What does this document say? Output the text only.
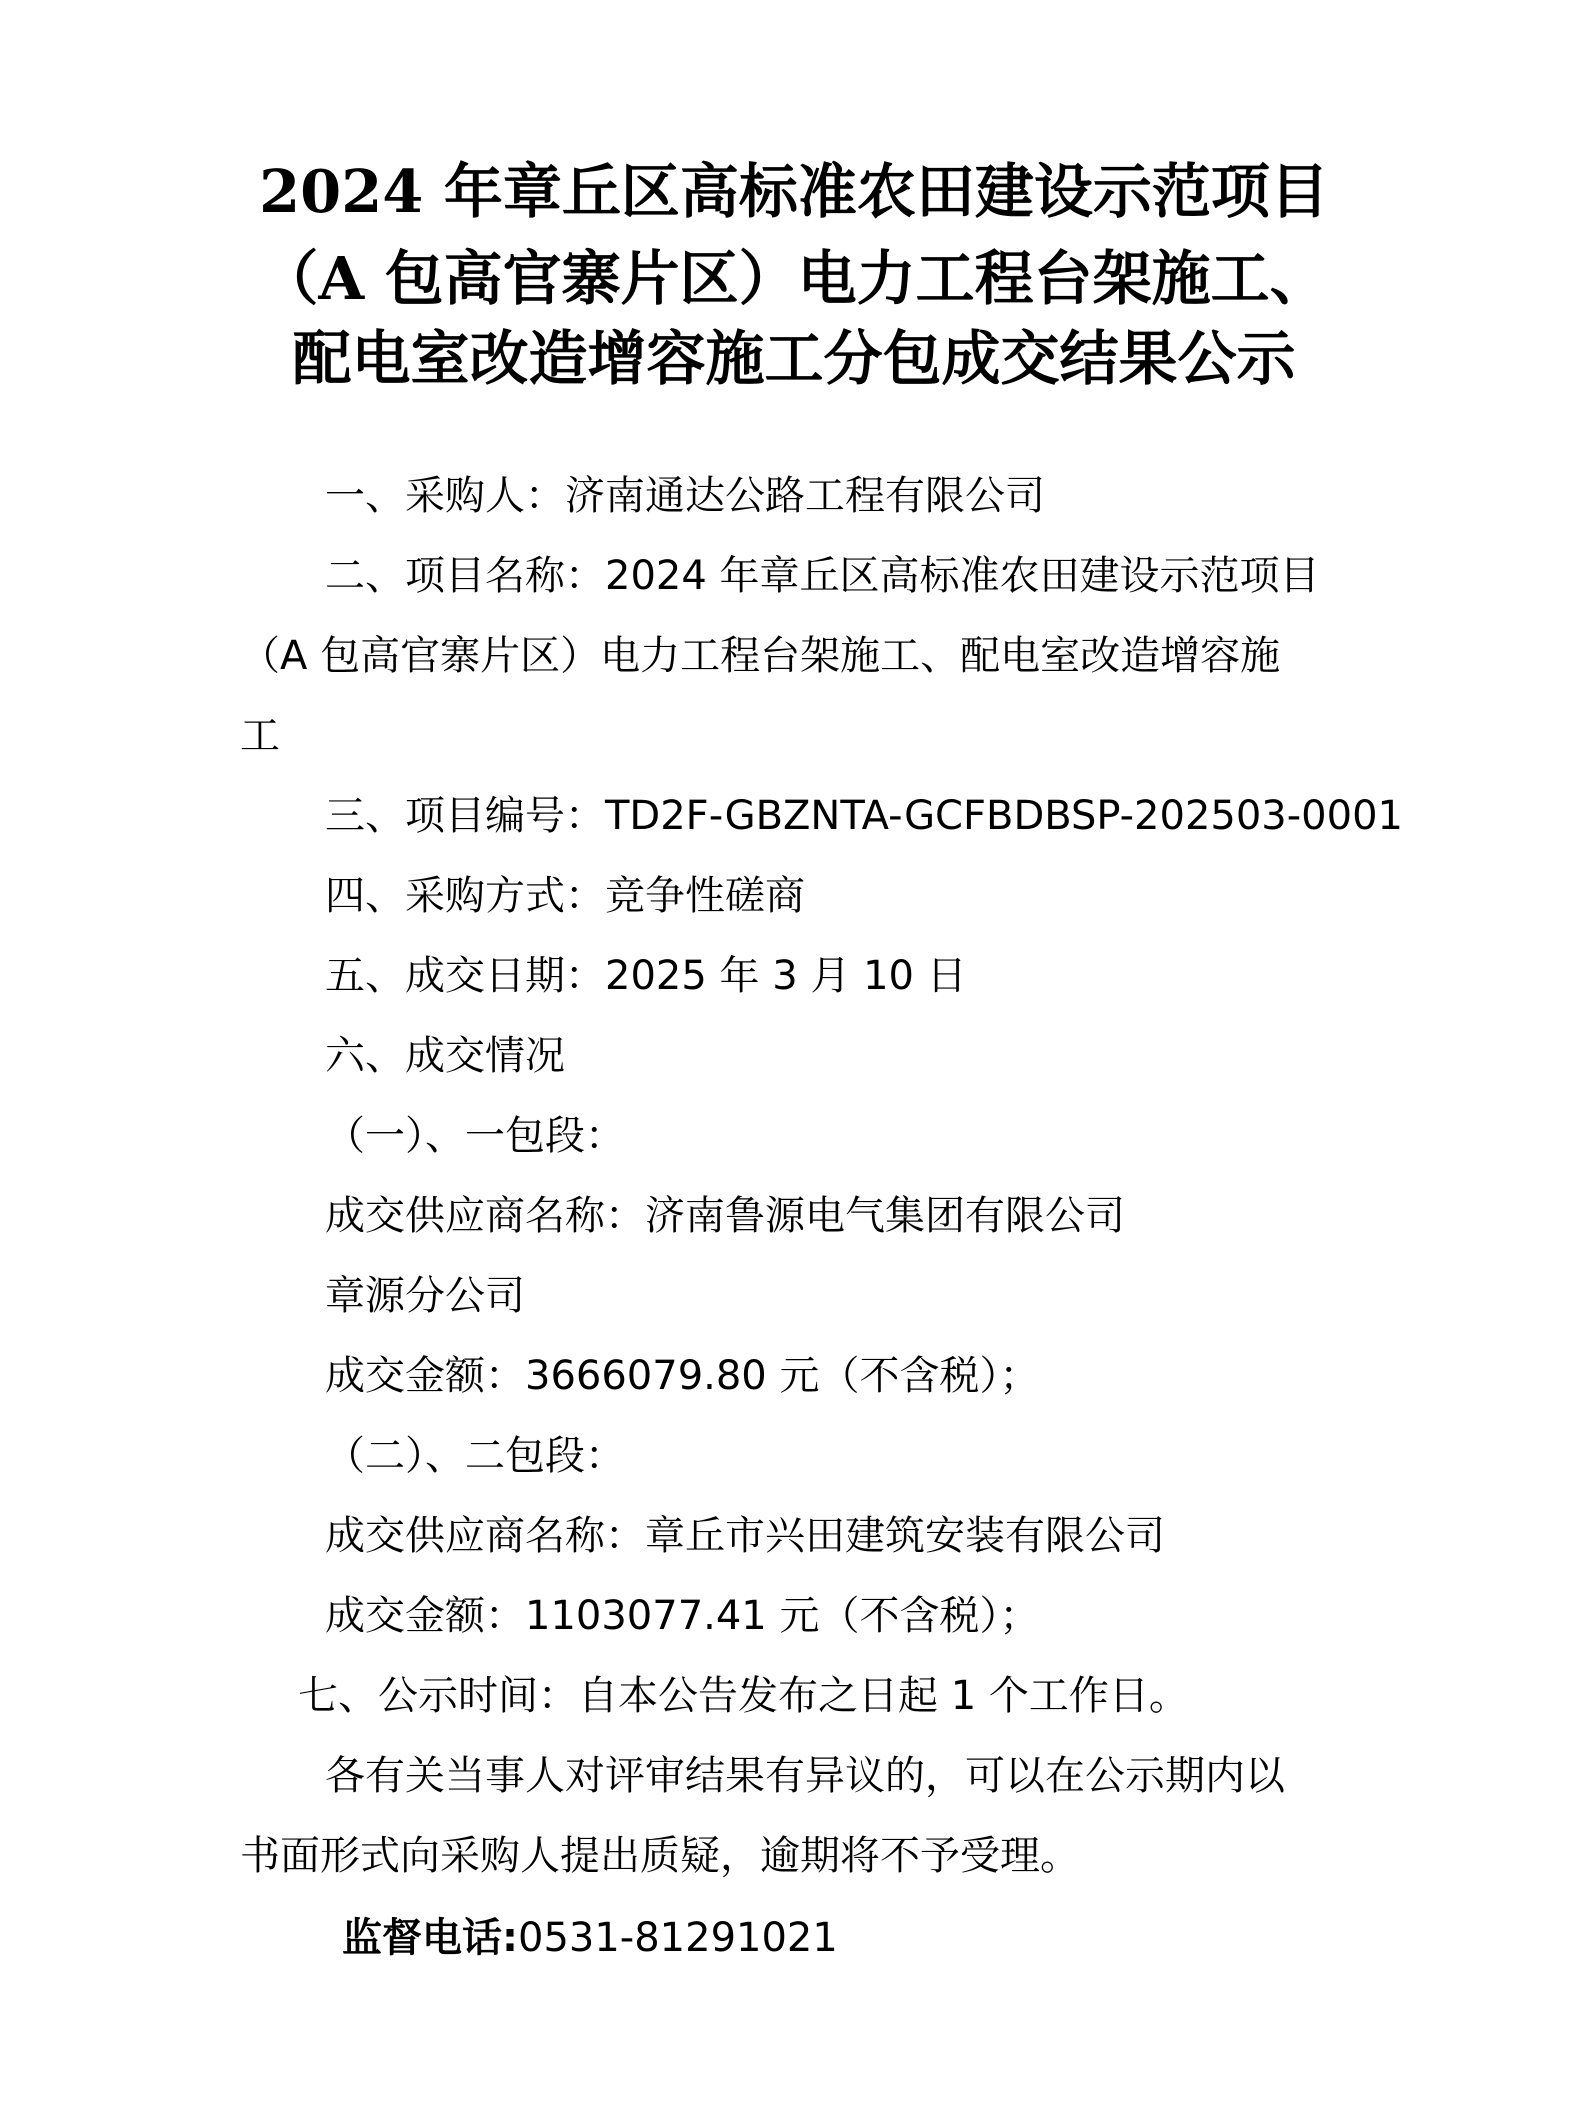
2024 年章丘区高标准农田建设示范项目
（A 包高官寨片区）电力工程台架施工、
配电室改造增容施工分包成交结果公示
一、采购人：济南通达公路工程有限公司
二、项目名称：2024 年章丘区高标准农田建设示范项目
（A 包高官寨片区）电力工程台架施工、配电室改造增容施
工
三、项目编号：TD2F-GBZNTA-GCFBDBSP-202503-0001
四、采购方式：竞争性磋商
五、成交日期：2025 年 3 月 10 日
六、成交情况
（一）、一包段：
成交供应商名称：济南鲁源电气集团有限公司
章源分公司
成交金额：3666079.80 元（不含税）；
（二）、二包段：
成交供应商名称：章丘市兴田建筑安装有限公司
成交金额：1103077.41 元（不含税）；
七、公示时间：自本公告发布之日起 1 个工作日。
各有关当事人对评审结果有异议的，可以在公示期内以
书面形式向采购人提出质疑，逾期将不予受理。
监督电话:0531-81291021
